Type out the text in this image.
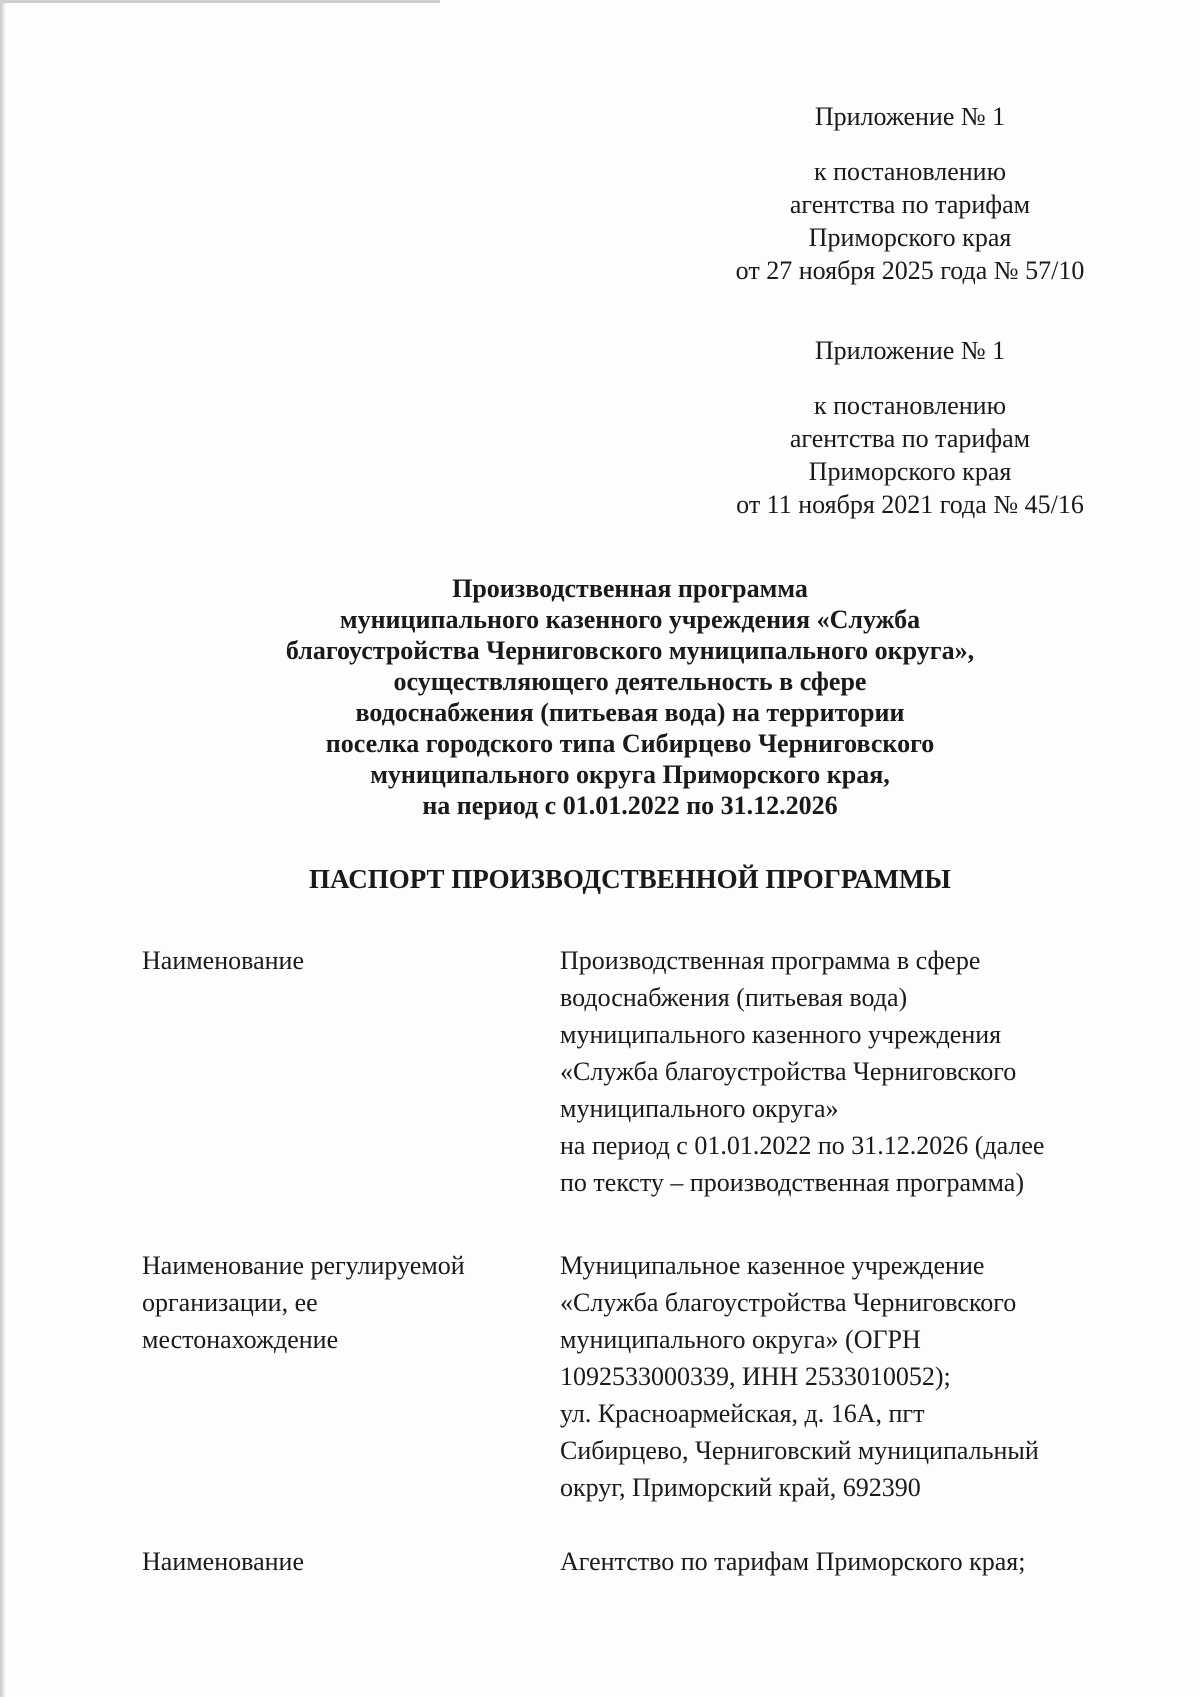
Приложение № 1
к постановлению
агентства по тарифам
Приморского края
от 27 ноября 2025 года № 57/10
Приложение № 1
к постановлению
агентства по тарифам
Приморского края
от 11 ноября 2021 года № 45/16
Производственная программа
муниципального казенного учреждения «Служба
благоустройства Черниговского муниципального округа»,
осуществляющего деятельность в сфере
водоснабжения (питьевая вода) на территории
поселка городского типа Сибирцево Черниговского
муниципального округа Приморского края,
на период с 01.01.2022 по 31.12.2026
ПАСПОРТ ПРОИЗВОДСТВЕННОЙ ПРОГРАММЫ
Наименование	Производственная программа в сфере
водоснабжения (питьевая вода)
муниципального казенного учреждения
«Служба благоустройства Черниговского
муниципального округа»
на период с 01.01.2022 по 31.12.2026 (далее
по тексту – производственная программа)
Наименование регулируемой
организации, ее
местонахождение
Муниципальное казенное учреждение
«Служба благоустройства Черниговского
муниципального округа» (ОГРН
1092533000339, ИНН 2533010052);
ул. Красноармейская, д. 16А, пгт
Сибирцево, Черниговский муниципальный
округ, Приморский край, 692390
Наименование	Агентство по тарифам Приморского края;
